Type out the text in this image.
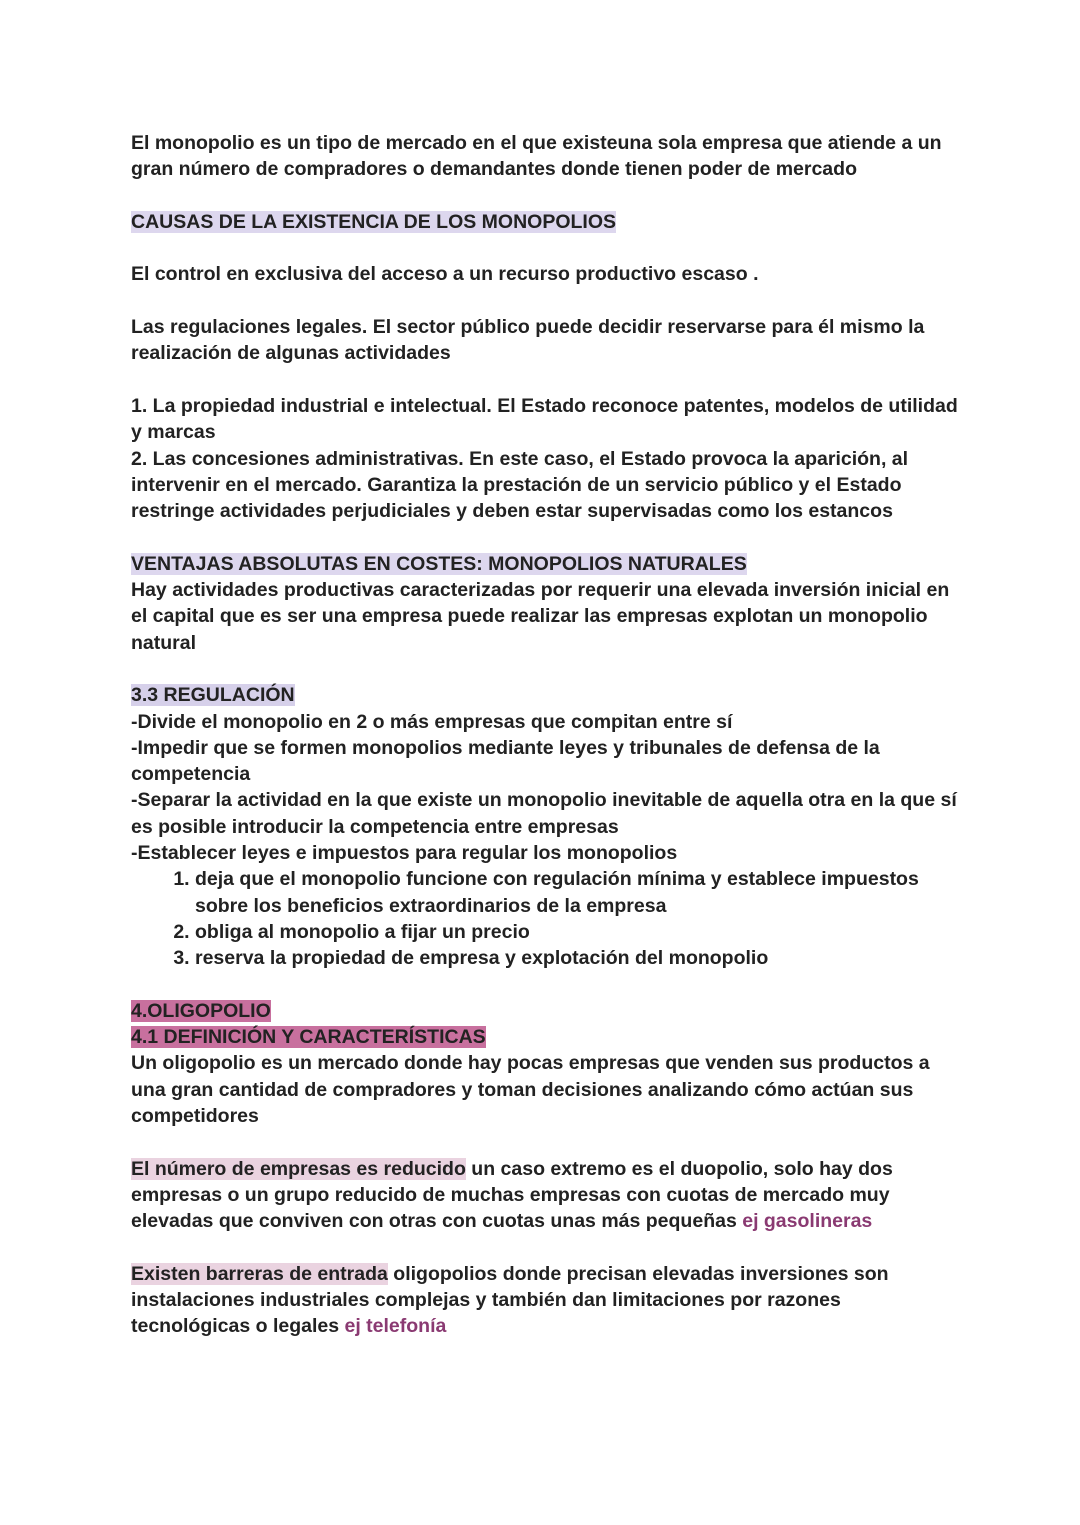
El monopolio es un tipo de mercado en el que existeuna sola empresa que atiende a un gran número de compradores o demandantes donde tienen poder de mercado

CAUSAS DE LA EXISTENCIA DE LOS MONOPOLIOS

El control en exclusiva del acceso a un recurso productivo escaso .

Las regulaciones legales. El sector público puede decidir reservarse para él mismo la realización de algunas actividades

1. La propiedad industrial e intelectual. El Estado reconoce patentes, modelos de utilidad y marcas

2. Las concesiones administrativas. En este caso, el Estado provoca la aparición, al intervenir en el mercado. Garantiza la prestación de un servicio público y el Estado restringe actividades perjudiciales y deben estar supervisadas como los estancos

VENTAJAS ABSOLUTAS EN COSTES: MONOPOLIOS NATURALES

Hay actividades productivas caracterizadas por requerir una elevada inversión inicial en el capital que es ser una empresa puede realizar las empresas explotan un monopolio natural

3.3 REGULACIÓN

-Divide el monopolio en 2 o más empresas que compitan entre sí

-Impedir que se formen monopolios mediante leyes y tribunales de defensa de la competencia

-Separar la actividad en la que existe un monopolio inevitable de aquella otra en la que sí es posible introducir la competencia entre empresas

-Establecer leyes e impuestos para regular los monopolios

1. deja que el monopolio funcione con regulación mínima y establece impuestos sobre los beneficios extraordinarios de la empresa
2. obliga al monopolio a fijar un precio
3. reserva la propiedad de empresa y explotación del monopolio

4.OLIGOPOLIO

4.1 DEFINICIÓN Y CARACTERÍSTICAS

Un oligopolio es un mercado donde hay pocas empresas que venden sus productos a una gran cantidad de compradores y toman decisiones analizando cómo actúan sus competidores

El número de empresas es reducido un caso extremo es el duopolio, solo hay dos empresas o un grupo reducido de muchas empresas con cuotas de mercado muy elevadas que conviven con otras con cuotas unas más pequeñas ej gasolineras

Existen barreras de entrada oligopolios donde precisan elevadas inversiones son instalaciones industriales complejas y también dan limitaciones por razones tecnológicas o legales ej telefonía
